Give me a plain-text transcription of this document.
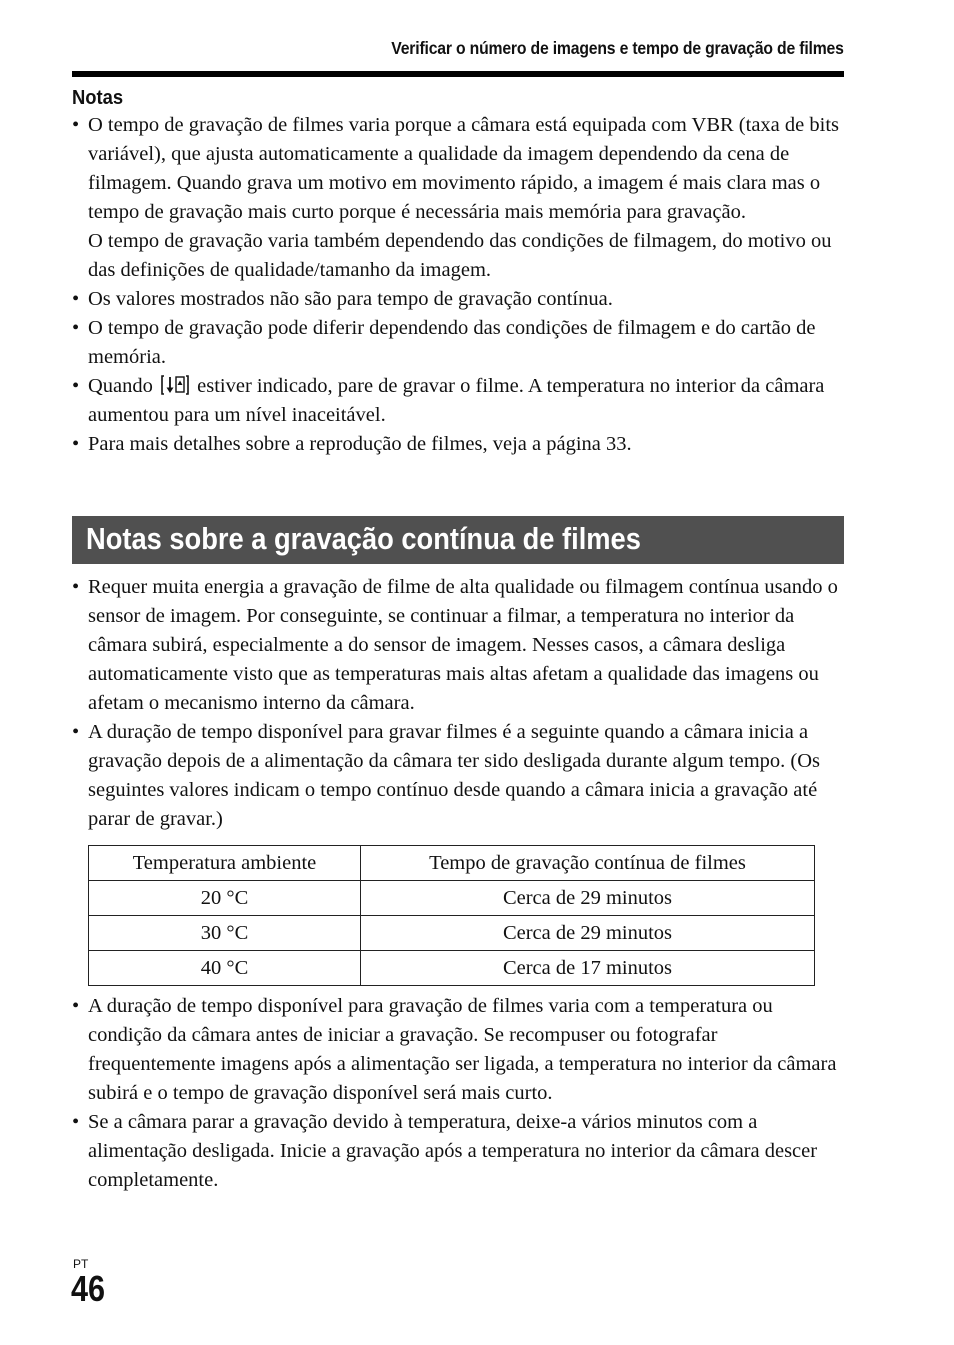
Verificar o número de imagens e tempo de gravação de filmes
Notas
• O tempo de gravação de filmes varia porque a câmara está equipada com VBR (taxa de bits variável), que ajusta automaticamente a qualidade da imagem dependendo da cena de filmagem. Quando grava um motivo em movimento rápido, a imagem é mais clara mas o tempo de gravação mais curto porque é necessária mais memória para gravação.
O tempo de gravação varia também dependendo das condições de filmagem, do motivo ou das definições de qualidade/tamanho da imagem.
• Os valores mostrados não são para tempo de gravação contínua.
• O tempo de gravação pode diferir dependendo das condições de filmagem e do cartão de memória.
• Quando estiver indicado, pare de gravar o filme. A temperatura no interior da câmara aumentou para um nível inaceitável.
• Para mais detalhes sobre a reprodução de filmes, veja a página 33.
Notas sobre a gravação contínua de filmes
• Requer muita energia a gravação de filme de alta qualidade ou filmagem contínua usando o sensor de imagem. Por conseguinte, se continuar a filmar, a temperatura no interior da câmara subirá, especialmente a do sensor de imagem. Nesses casos, a câmara desliga automaticamente visto que as temperaturas mais altas afetam a qualidade das imagens ou afetam o mecanismo interno da câmara.
• A duração de tempo disponível para gravar filmes é a seguinte quando a câmara inicia a gravação depois de a alimentação da câmara ter sido desligada durante algum tempo. (Os seguintes valores indicam o tempo contínuo desde quando a câmara inicia a gravação até parar de gravar.)
Temperatura ambiente	Tempo de gravação contínua de filmes
20 °C	Cerca de 29 minutos
30 °C	Cerca de 29 minutos
40 °C	Cerca de 17 minutos
• A duração de tempo disponível para gravação de filmes varia com a temperatura ou condição da câmara antes de iniciar a gravação. Se recompuser ou fotografar frequentemente imagens após a alimentação ser ligada, a temperatura no interior da câmara subirá e o tempo de gravação disponível será mais curto.
• Se a câmara parar a gravação devido à temperatura, deixe-a vários minutos com a alimentação desligada. Inicie a gravação após a temperatura no interior da câmara descer completamente.
PT
46
